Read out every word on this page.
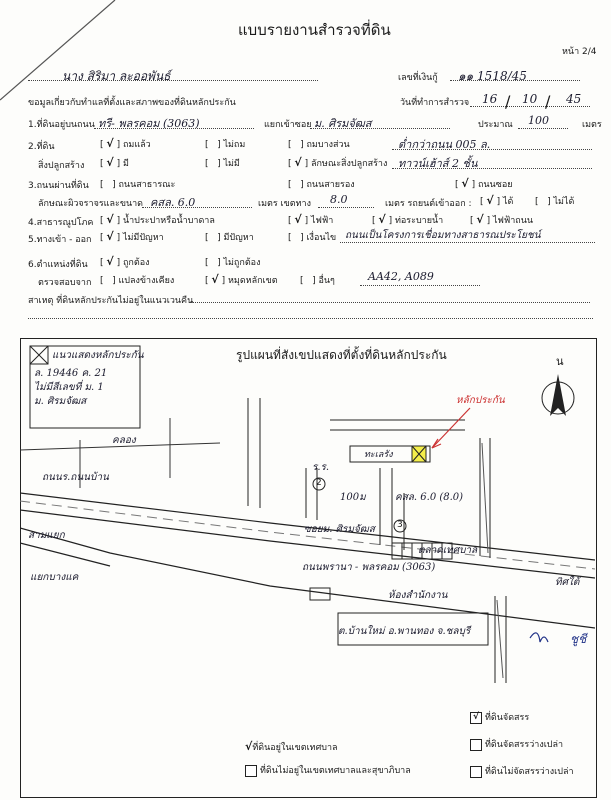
แบบรายงานสำรวจที่ดิน
หน้า 2/4
นาง สิริมา ละออพันธ์	เลขที่เงินกู้ ๑๑ 1518/45
ขอมูลเกี่ยวกับทำแลที่ตั้งและสภาพของที่ดินหลักประกัน	วันที่ทำการสำรวจ 16 / 10 / 45
1.ที่ดินอยู่บนถนน ทรี- พลรคอม (3063)	แยกเข้าซอย ม. ศิรมจัฒส	ประมาณ 100	เมตร
2.ที่ดิน	[ √ ] ถมแล้ว	[   ] ไม่ถม	[   ] ถมบางส่วน	ต่ำกว่าถนน 005 ล.
สิ่งปลูกสร้าง [ √ ] มี	[   ] ไม่มี	[ √ ] ลักษณะสิ่งปลูกสร้าง ทาวน์เฮ้าส์ 2 ชั้น
3.ถนนผ่านที่ดิน [   ] ถนนสาธารณะ	[   ] ถนนสายรอง	[ √ ] ถนนซอย
ลักษณะผิวจราจรและขนาด คสล. 6.0	เมตร เขตทาง 8.0	เมตร รถยนต์เข้าออก : [ √ ] ได้ [   ] ไม่ได้
4.สาธารณูปโภค [ √ ] น้ำประปาหรือน้ำบาดาล	[ √ ] ไฟฟ้า	[ √ ] ท่อระบายน้ำ	[ √ ] ไฟฟ้าถนน
5.ทางเข้า - ออก [ √ ] ไม่มีปัญหา	[   ] มีปัญหา	[   ] เงื่อนไข ถนนเป็นโครงการเชื่อมทางสาธารณประโยชน์
6.ตำแหน่งที่ดิน [ √ ] ถูกต้อง	[   ] ไม่ถูกต้อง
ตรวจสอบจาก [   ] แปลงข้างเคียง	[ √ ] หมุดหลักเขต [   ] อื่นๆ	AA42, A089
สาเหตุ ที่ดินหลักประกันไม่อยู่ในแนวเวนคืน
รูปแผนที่สังเขปแสดงที่ตั้งที่ดินหลักประกัน
แนวแสดงหลักประกัน
ล. 19446 ค. 21
ไม่มีสีเลขที่ ม. 1
ม. ศิรมจัฒส
น
หลักประกัน
ทะเลรัง
คลอง
ร.ร.
ถนนร.ถนนบ้าน
สามแยก
แยกบางแค
100ม	คสล. 6.0 (8.0)
ซอยม. ศิรมจัฒส
ตลาดเทศบาล
ถนนพรานา - พลรคอม (3063)
ห้องสำนักงาน
ต.บ้านใหม่ อ.พานทอง จ.ชลบุรี
ทิศใต้
2
3
ชูชี
√ที่ดินอยู่ในเขตเทศบาล
ที่ดินไม่อยู่ในเขตเทศบาลและสุขาภิบาล
√ ที่ดินจัดสรร
ที่ดินจัดสรรว่างเปล่า
ที่ดินไม่จัดสรรว่างเปล่า
